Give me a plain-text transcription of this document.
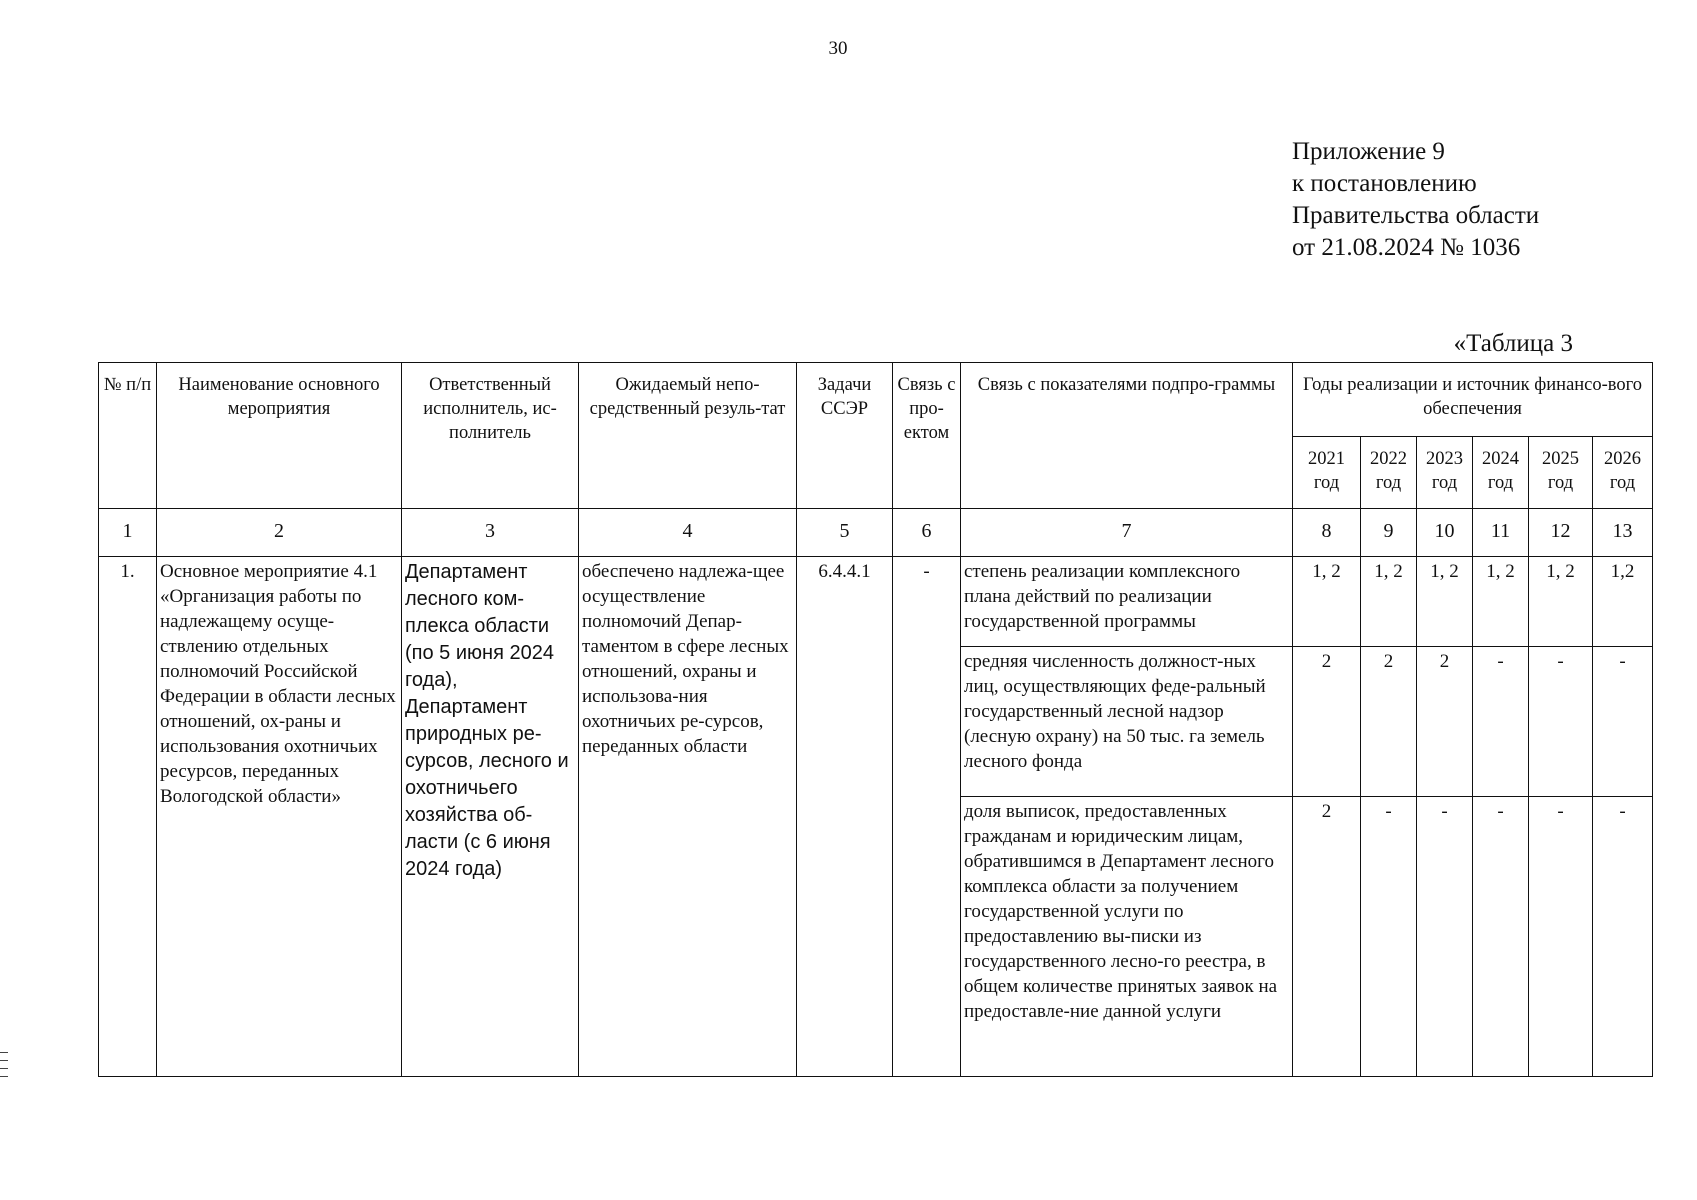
30
Приложение 9
к постановлению
Правительства области
от 21.08.2024 № 1036
«Таблица 3
№ п/п	Наименование основного мероприятия	Ответственный исполнитель, ис-полнитель	Ожидаемый непо-средственный резуль-тат	Задачи ССЭР	Связь с про-ектом	Связь с показателями подпро-граммы	Годы реализации и источник финансо-вого обеспечения					
							2021 год	2022 год	2023 год	2024 год	2025 год	2026 год
1	2	3	4	5	6	7	8	9	10	11	12	13
1.	Основное мероприятие 4.1 «Организация работы по надлежащему осуще-ствлению отдельных полномочий Российской Федерации в области лесных отношений, ох-раны и использования охотничьих ресурсов, переданных Вологодской области»	Департамент лесного ком-плекса области (по 5 июня 2024 года), Департамент природных ре-сурсов, лесного и охотничьего хозяйства об-ласти (с 6 июня 2024 года)	обеспечено надлежа-щее осуществление полномочий Депар-таментом в сфере лесных отношений, охраны и использова-ния охотничьих ре-сурсов, переданных области	6.4.4.1	-	степень реализации комплексного плана действий по реализации государственной программы	1, 2	1, 2	1, 2	1, 2	1, 2	1,2
						средняя численность должност-ных лиц, осуществляющих феде-ральный государственный лесной надзор (лесную охрану) на 50 тыс. га земель лесного фонда	2	2	2	-	-	-
						доля выписок, предоставленных гражданам и юридическим лицам, обратившимся в Департамент лесного комплекса области за получением государственной услуги по предоставлению вы-писки из государственного лесно-го реестра, в общем количестве принятых заявок на предоставле-ние данной услуги	2	-	-	-	-	-
